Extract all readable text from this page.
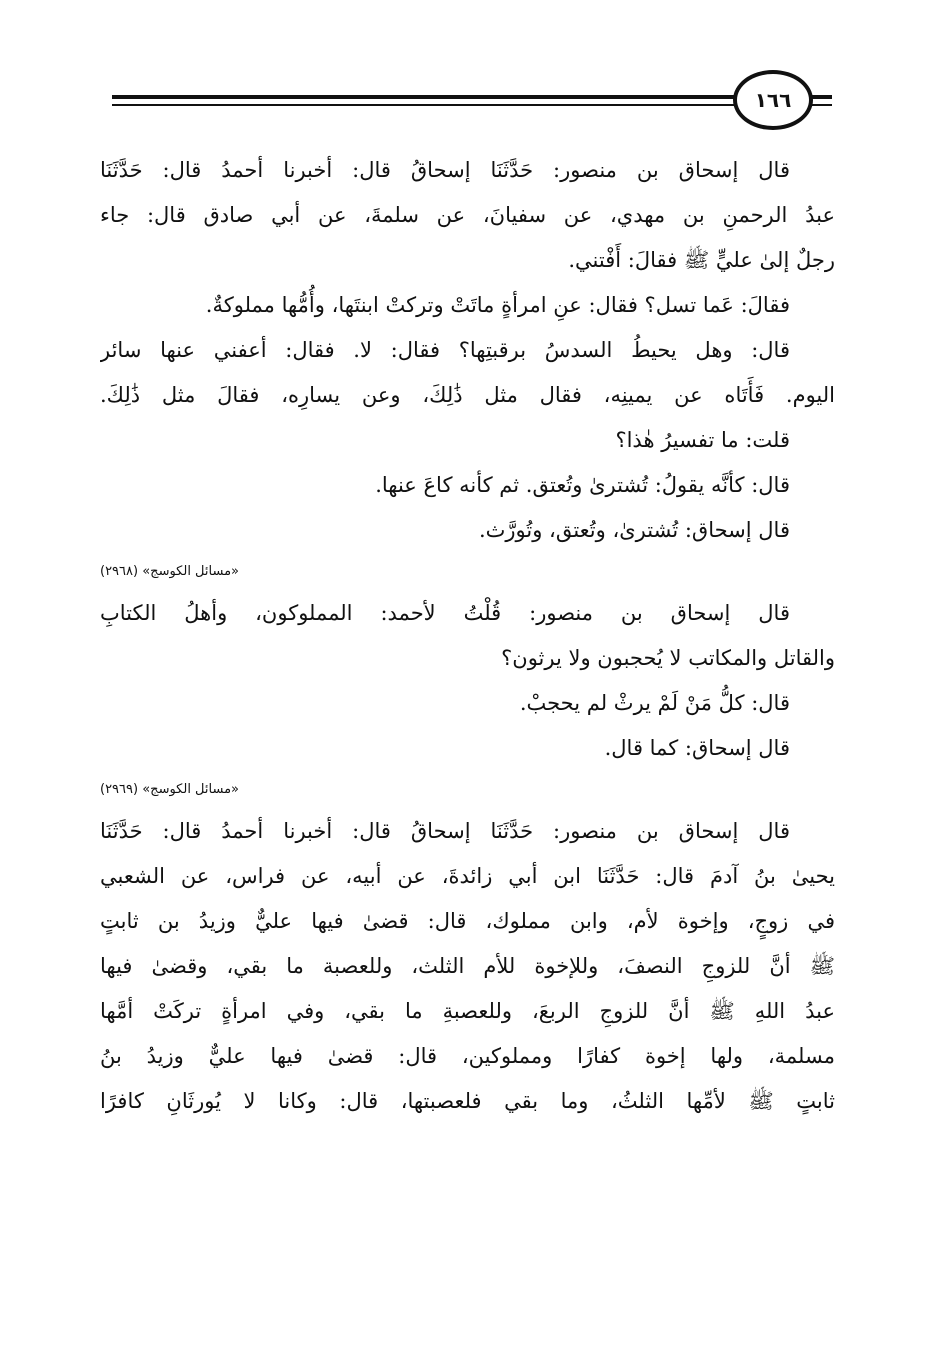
١٦٦
قال إسحاق بن منصور: حَدَّثَنَا إسحاقُ قال: أخبرنا أحمدُ قال: حَدَّثَنَا
عبدُ الرحمنِ بن مهدي، عن سفيانَ، عن سلمةَ، عن أبي صادق قال: جاء
رجلٌ إلىٰ عليٍّ ﷺ فقالَ: أَفْتني.
فقالَ: عَما تسل؟ فقال: عنِ امرأةٍ ماتَتْ وتركتْ ابنتَها، وأُمُّها مملوكةٌ.
قال: وهل يحيطُ السدسُ برقبتِها؟ فقال: لا. فقال: أعفني عنها سائر
اليوم. فَأَتَاه عن يمينِه، فقال مثل ذَٰلِكَ، وعن يسارِه، فقالَ مثل ذَٰلِكَ.
قلت: ما تفسيرُ هٰذا؟
قال: كأنَّه يقولُ: تُشترىٰ وتُعتق. ثم كأنه كاعَ عنها.
قال إسحاق: تُشترىٰ، وتُعتق، وتُورَّث.
«مسائل الكوسج» (٢٩٦٨)
قال إسحاق بن منصور: قُلْتُ لأحمد: المملوكون، وأهلُ الكتابِ
والقاتل والمكاتب لا يُحجبون ولا يرثون؟
قال: كلُّ مَنْ لَمْ يرثْ لم يحجبْ.
قال إسحاق: كما قال.
«مسائل الكوسج» (٢٩٦٩)
قال إسحاق بن منصور: حَدَّثَنَا إسحاقُ قال: أخبرنا أحمدُ قال: حَدَّثَنَا
يحيىٰ بنُ آدمَ قال: حَدَّثَنَا ابن أبي زائدةَ، عن أبيه، عن فراس، عن الشعبي
في زوجٍ، وإخوة لأم، وابن مملوك، قال: قضىٰ فيها عليٌّ وزيدُ بن ثابتٍ
ﷺ أنَّ للزوجِ النصفَ، وللإخوة للأم الثلث، وللعصبة ما بقي، وقضىٰ فيها
عبدُ اللهِ ﷺ أنَّ للزوجِ الربعَ، وللعصبةِ ما بقي، وفي امرأةٍ تركَتْ أمَّها
مسلمة، ولها إخوة كفارًا ومملوكين، قال: قضىٰ فيها عليٌّ وزيدُ بنُ
ثابتٍ ﷺ لأمِّها الثلثُ، وما بقي فلعصبتها، قال: وكانا لا يُورثَانِ كافرًا
